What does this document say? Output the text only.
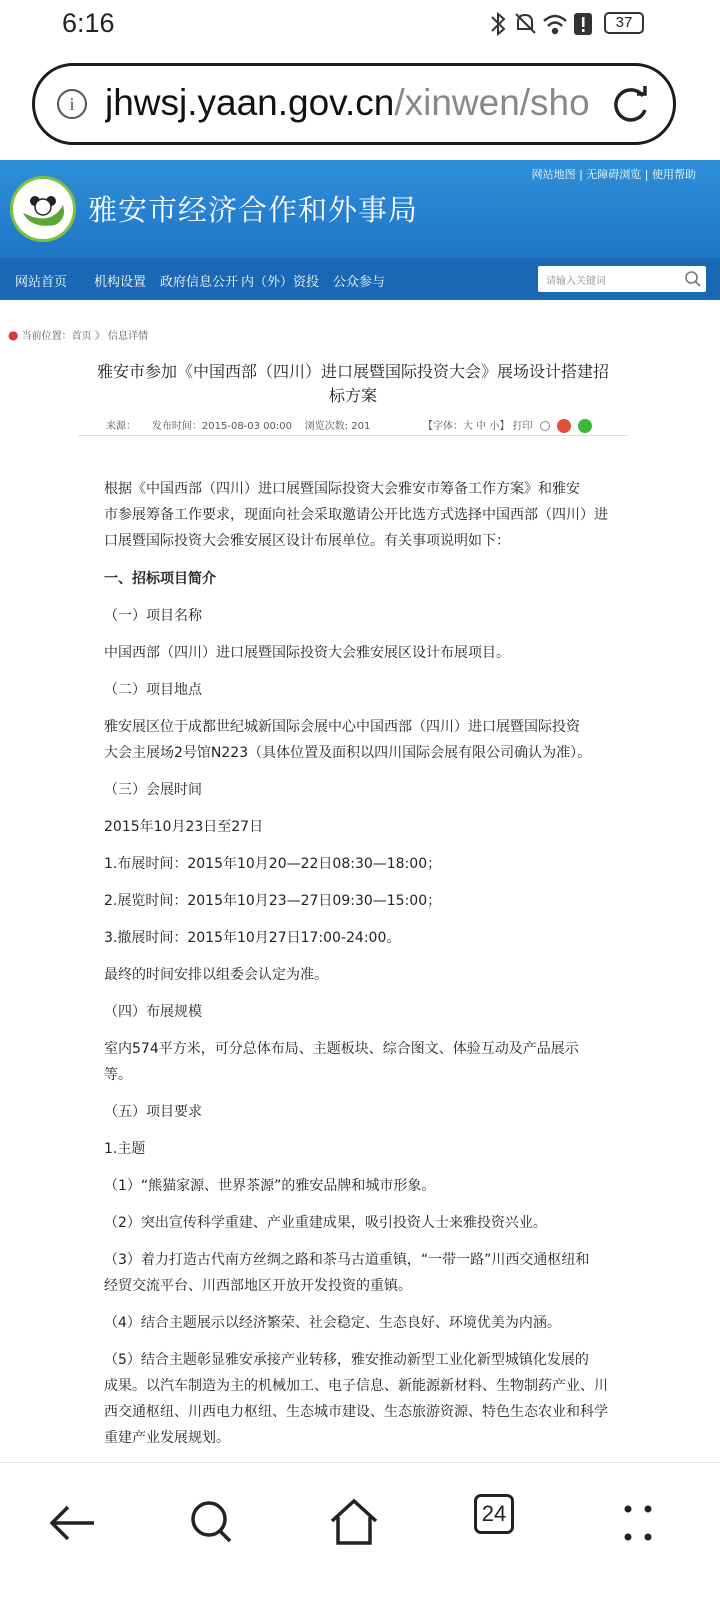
6:16	37
i jhwsj.yaan.gov.cn/xinwen/sho
雅安市经济合作和外事局
网站地图 | 无障碍浏览 | 使用帮助
网站首页 机构设置 政府信息公开 内（外）资投 公众参与	请输入关键词
● 当前位置：首页 》 信息详情
雅安市参加《中国西部（四川）进口展暨国际投资大会》展场设计搭建招
标方案
来源：     发布时间：2015-08-03 00:00    浏览次数: 201	【字体：大 中 小】 打印
根据《中国西部（四川）进口展暨国际投资大会雅安市筹备工作方案》和雅安
市参展筹备工作要求，现面向社会采取邀请公开比选方式选择中国西部（四川）进
口展暨国际投资大会雅安展区设计布展单位。有关事项说明如下：
一、招标项目简介
（一）项目名称
中国西部（四川）进口展暨国际投资大会雅安展区设计布展项目。
（二）项目地点
雅安展区位于成都世纪城新国际会展中心中国西部（四川）进口展暨国际投资
大会主展场2号馆N223（具体位置及面积以四川国际会展有限公司确认为准）。
（三）会展时间
2015年10月23日至27日
1.布展时间：2015年10月20—22日08:30—18:00；
2.展览时间：2015年10月23—27日09:30—15:00；
3.撤展时间：2015年10月27日17:00-24:00。
最终的时间安排以组委会认定为准。
（四）布展规模
室内574平方米，可分总体布局、主题板块、综合图文、体验互动及产品展示
等。
（五）项目要求
1.主题
（1）“熊猫家源、世界茶源”的雅安品牌和城市形象。
（2）突出宣传科学重建、产业重建成果，吸引投资人士来雅投资兴业。
（3）着力打造古代南方丝绸之路和茶马古道重镇，“一带一路”川西交通枢纽和
经贸交流平台、川西部地区开放开发投资的重镇。
（4）结合主题展示以经济繁荣、社会稳定、生态良好、环境优美为内涵。
（5）结合主题彰显雅安承接产业转移，雅安推动新型工业化新型城镇化发展的
成果。以汽车制造为主的机械加工、电子信息、新能源新材料、生物制药产业、川
西交通枢纽、川西电力枢纽、生态城市建设、生态旅游资源、特色生态农业和科学
重建产业发展规划。
24
